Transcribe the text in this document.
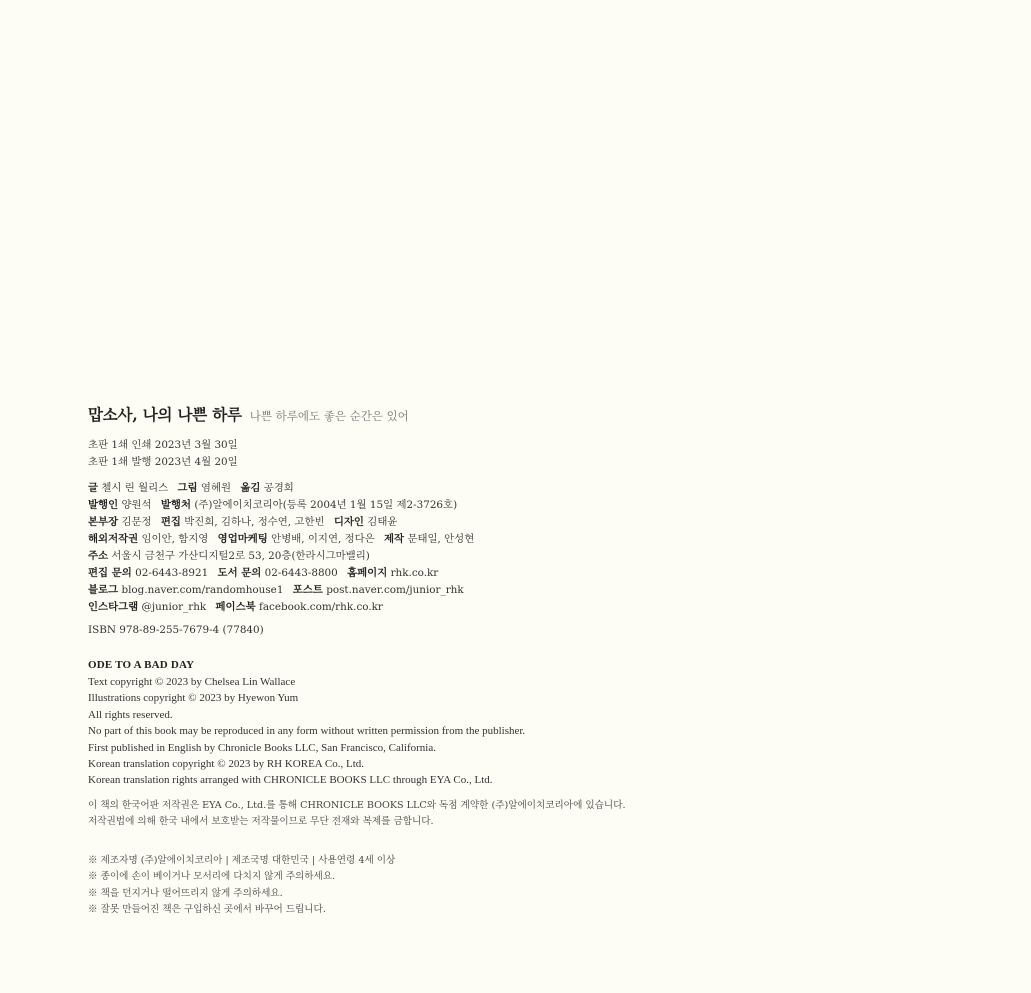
맙소사, 나의 나쁜 하루 나쁜 하루에도 좋은 순간은 있어
초판 1쇄 인쇄 2023년 3월 30일
초판 1쇄 발행 2023년 4월 20일
글 첼시 린 월리스 그림 염혜원 옮김 공경희
발행인 양원석 발행처 (주)알에이치코리아(등록 2004년 1월 15일 제2-3726호)
본부장 김문정 편집 박진희, 김하나, 정수연, 고한빈 디자인 김태윤
해외저작권 임이안, 함지영 영업마케팅 안병배, 이지연, 정다은 제작 문태일, 안성현
주소 서울시 금천구 가산디지털2로 53, 20층(한라시그마밸리)
편집 문의 02-6443-8921 도서 문의 02-6443-8800 홈페이지 rhk.co.kr
블로그 blog.naver.com/randomhouse1 포스트 post.naver.com/junior_rhk
인스타그램 @junior_rhk 페이스북 facebook.com/rhk.co.kr
ISBN 978-89-255-7679-4 (77840)
ODE TO A BAD DAY
Text copyright © 2023 by Chelsea Lin Wallace
Illustrations copyright © 2023 by Hyewon Yum
All rights reserved.
No part of this book may be reproduced in any form without written permission from the publisher.
First published in English by Chronicle Books LLC, San Francisco, California.
Korean translation copyright © 2023 by RH KOREA Co., Ltd.
Korean translation rights arranged with CHRONICLE BOOKS LLC through EYA Co., Ltd.
이 책의 한국어판 저작권은 EYA Co., Ltd.를 통해 CHRONICLE BOOKS LLC와 독점 계약한 (주)알에이치코리아에 있습니다.
저작권법에 의해 한국 내에서 보호받는 저작물이므로 무단 전재와 복제를 금합니다.
※ 제조자명 (주)알에이치코리아 | 제조국명 대한민국 | 사용연령 4세 이상
※ 종이에 손이 베이거나 모서리에 다치지 않게 주의하세요.
※ 책을 던지거나 떨어뜨리지 않게 주의하세요.
※ 잘못 만들어진 책은 구입하신 곳에서 바꾸어 드립니다.
